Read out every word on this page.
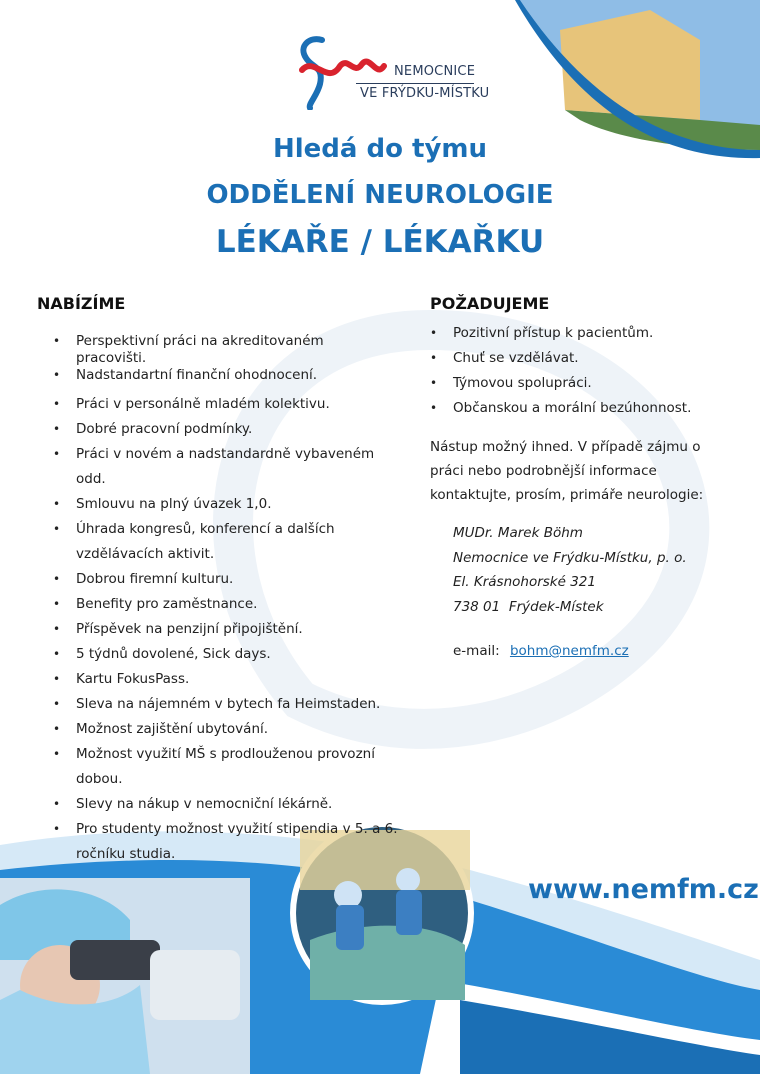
NEMOCNICE
VE FRÝDKU-MÍSTKU
Hledá do týmu
ODDĚLENÍ NEUROLOGIE
LÉKAŘE / LÉKAŘKU
NABÍZÍME	POŽADUJEME
• Perspektivní práci na akreditovaném pracovišti.
• Nadstandartní finanční ohodnocení.
• Práci v personálně mladém kolektivu.
• Dobré pracovní podmínky.
• Práci v novém a nadstandardně vybaveném odd.
• Smlouvu na plný úvazek 1,0.
• Úhrada kongresů, konferencí a dalších vzdělávacích aktivit.
• Dobrou firemní kulturu.
• Benefity pro zaměstnance.
• Příspěvek na penzijní připojištění.
• 5 týdnů dovolené, Sick days.
• Kartu FokusPass.
• Sleva na nájemném v bytech fa Heimstaden.
• Možnost zajištění ubytování.
• Možnost využití MŠ s prodlouženou provozní dobou.
• Slevy na nákup v nemocniční lékárně.
• Pro studenty možnost využití stipendia v 5. a 6. ročníku studia.
• Pozitivní přístup k pacientům.
• Chuť se vzdělávat.
• Týmovou spolupráci.
• Občanskou a morální bezúhonnost.
Nástup možný ihned. V případě zájmu o práci nebo podrobnější informace kontaktujte, prosím, primáře neurologie:
MUDr. Marek Böhm
Nemocnice ve Frýdku-Místku, p. o.
El. Krásnohorské 321
738 01  Frýdek-Místek
e-mail: bohm@nemfm.cz
www.nemfm.cz
